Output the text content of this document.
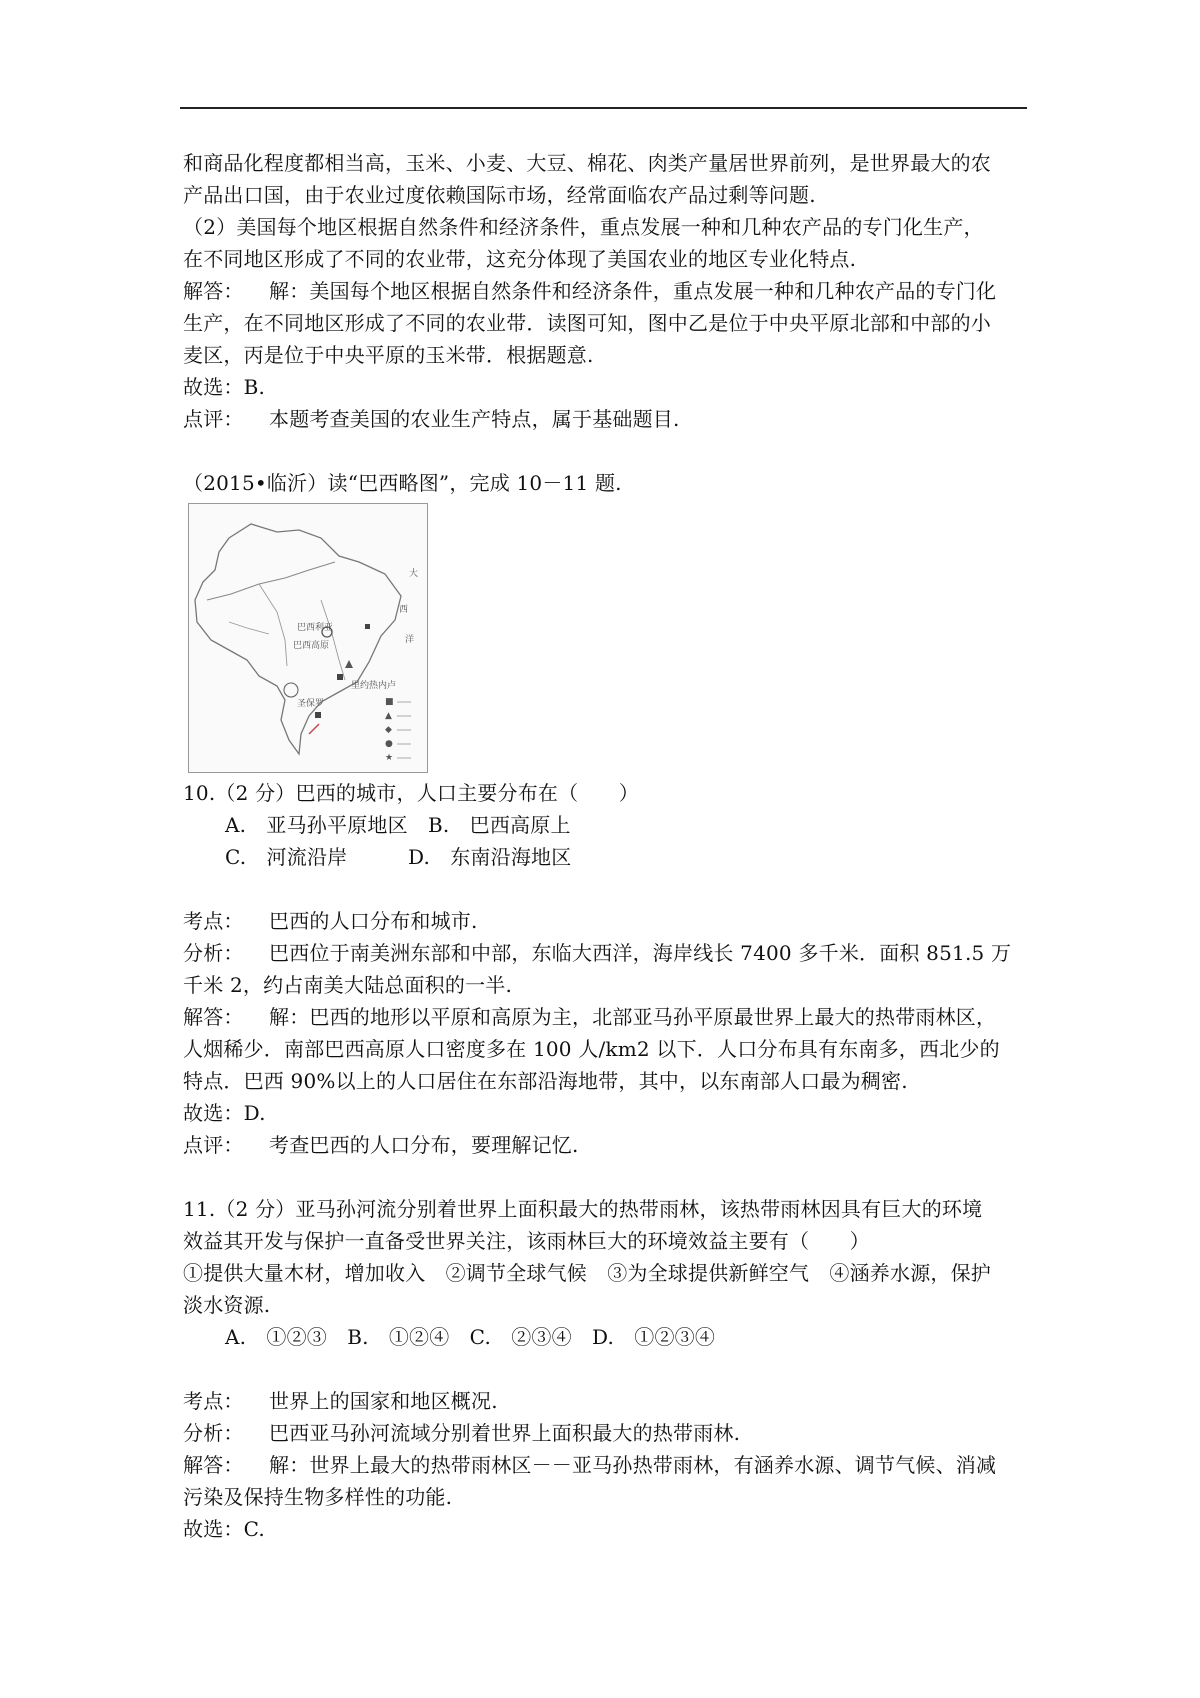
和商品化程度都相当高，玉米、小麦、大豆、棉花、肉类产量居世界前列，是世界最大的农
产品出口国，由于农业过度依赖国际市场，经常面临农产品过剩等问题.
（2）美国每个地区根据自然条件和经济条件，重点发展一种和几种农产品的专门化生产，
在不同地区形成了不同的农业带，这充分体现了美国农业的地区专业化特点.
解答： 解：美国每个地区根据自然条件和经济条件，重点发展一种和几种农产品的专门化
生产，在不同地区形成了不同的农业带．读图可知，图中乙是位于中央平原北部和中部的小
麦区，丙是位于中央平原的玉米带．根据题意.
故选：B.
点评： 本题考查美国的农业生产特点，属于基础题目.
（2015•临沂）读“巴西略图”，完成 10－11 题.
巴西利亚
巴西高原
里约热内卢
圣保罗
大
西
洋
■
▲
◆
●
★
10.（2 分）巴西的城市，人口主要分布在（　　）
A.　亚马孙平原地区　B.　巴西高原上
C.　河流沿岸　　　D.　东南沿海地区
考点： 巴西的人口分布和城市.
分析： 巴西位于南美洲东部和中部，东临大西洋，海岸线长 7400 多千米．面积 851.5 万
千米 2，约占南美大陆总面积的一半.
解答： 解：巴西的地形以平原和高原为主，北部亚马孙平原最世界上最大的热带雨林区，
人烟稀少．南部巴西高原人口密度多在 100 人/km2 以下．人口分布具有东南多，西北少的
特点．巴西 90%以上的人口居住在东部沿海地带，其中，以东南部人口最为稠密.
故选：D.
点评： 考查巴西的人口分布，要理解记忆.
11.（2 分）亚马孙河流分别着世界上面积最大的热带雨林，该热带雨林因具有巨大的环境
效益其开发与保护一直备受世界关注，该雨林巨大的环境效益主要有（　　）
①提供大量木材，增加收入　②调节全球气候　③为全球提供新鲜空气　④涵养水源，保护
淡水资源.
A.　①②③　B.　①②④　C.　②③④　D.　①②③④
考点： 世界上的国家和地区概况.
分析： 巴西亚马孙河流域分别着世界上面积最大的热带雨林.
解答： 解：世界上最大的热带雨林区－－亚马孙热带雨林，有涵养水源、调节气候、消减
污染及保持生物多样性的功能.
故选：C.
